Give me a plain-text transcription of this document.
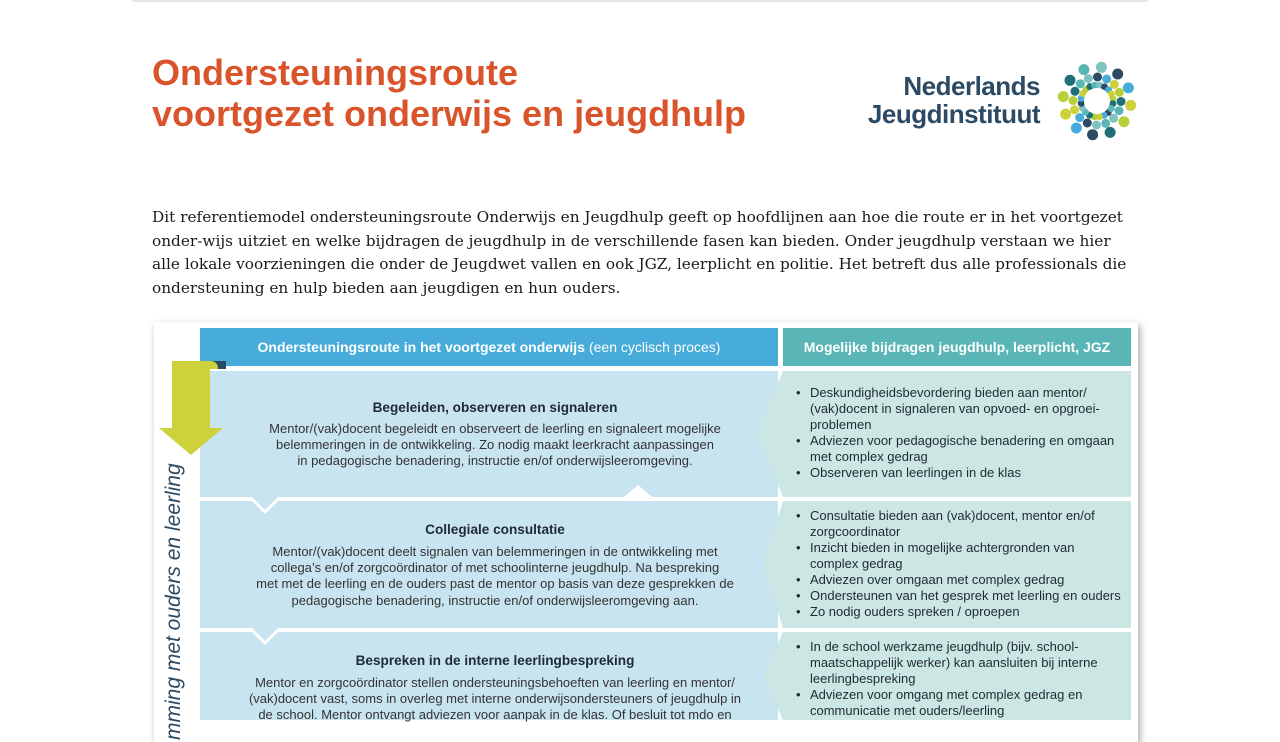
Ondersteuningsroute
voortgezet onderwijs en jeugdhulp
Nederlands
Jeugdinstituut

Dit referentiemodel ondersteuningsroute Onderwijs en Jeugdhulp geeft op hoofdlijnen aan hoe die route er in het voortgezet onder-wijs uitziet en welke bijdragen de jeugdhulp in de verschillende fasen kan bieden. Onder jeugdhulp verstaan we hier alle lokale voorzieningen die onder de Jeugdwet vallen en ook JGZ, leerplicht en politie. Het betreft dus alle professionals die ondersteuning en hulp bieden aan jeugdigen en hun ouders.

Ondersteuningsroute in het voortgezet onderwijs (een cyclisch proces)	Mogelijke bijdragen jeugdhulp, leerplicht, JGZ
mming met ouders en leerling
Begeleiden, observeren en signaleren
Mentor/(vak)docent begeleidt en observeert de leerling en signaleert mogelijke
belemmeringen in de ontwikkeling. Zo nodig maakt leerkracht aanpassingen
in pedagogische benadering, instructie en/of onderwijsleeromgeving.
• Deskundigheidsbevordering bieden aan mentor/ (vak)docent in signaleren van opvoed- en opgroei-problemen
• Adviezen voor pedagogische benadering en omgaan met complex gedrag
• Observeren van leerlingen in de klas
Collegiale consultatie
Mentor/(vak)docent deelt signalen van belemmeringen in de ontwikkeling met
collega’s en/of zorgcoördinator of met schoolinterne jeugdhulp. Na bespreking
met met de leerling en de ouders past de mentor op basis van deze gesprekken de
pedagogische benadering, instructie en/of onderwijsleeromgeving aan.
• Consultatie bieden aan (vak)docent, mentor en/of zorgcoordinator
• Inzicht bieden in mogelijke achtergronden van complex gedrag
• Adviezen over omgaan met complex gedrag
• Ondersteunen van het gesprek met leerling en ouders
• Zo nodig ouders spreken / oproepen
Bespreken in de interne leerlingbespreking
Mentor en zorgcoördinator stellen ondersteuningsbehoeften van leerling en mentor/
(vak)docent vast, soms in overleg met interne onderwijsondersteuners of jeugdhulp in
de school. Mentor ontvangt adviezen voor aanpak in de klas. Of besluit tot mdo en
• In de school werkzame jeugdhulp (bijv. school-maatschappelijk werker) kan aansluiten bij interne leerlingbespreking
• Adviezen voor omgang met complex gedrag en communicatie met ouders/leerling
